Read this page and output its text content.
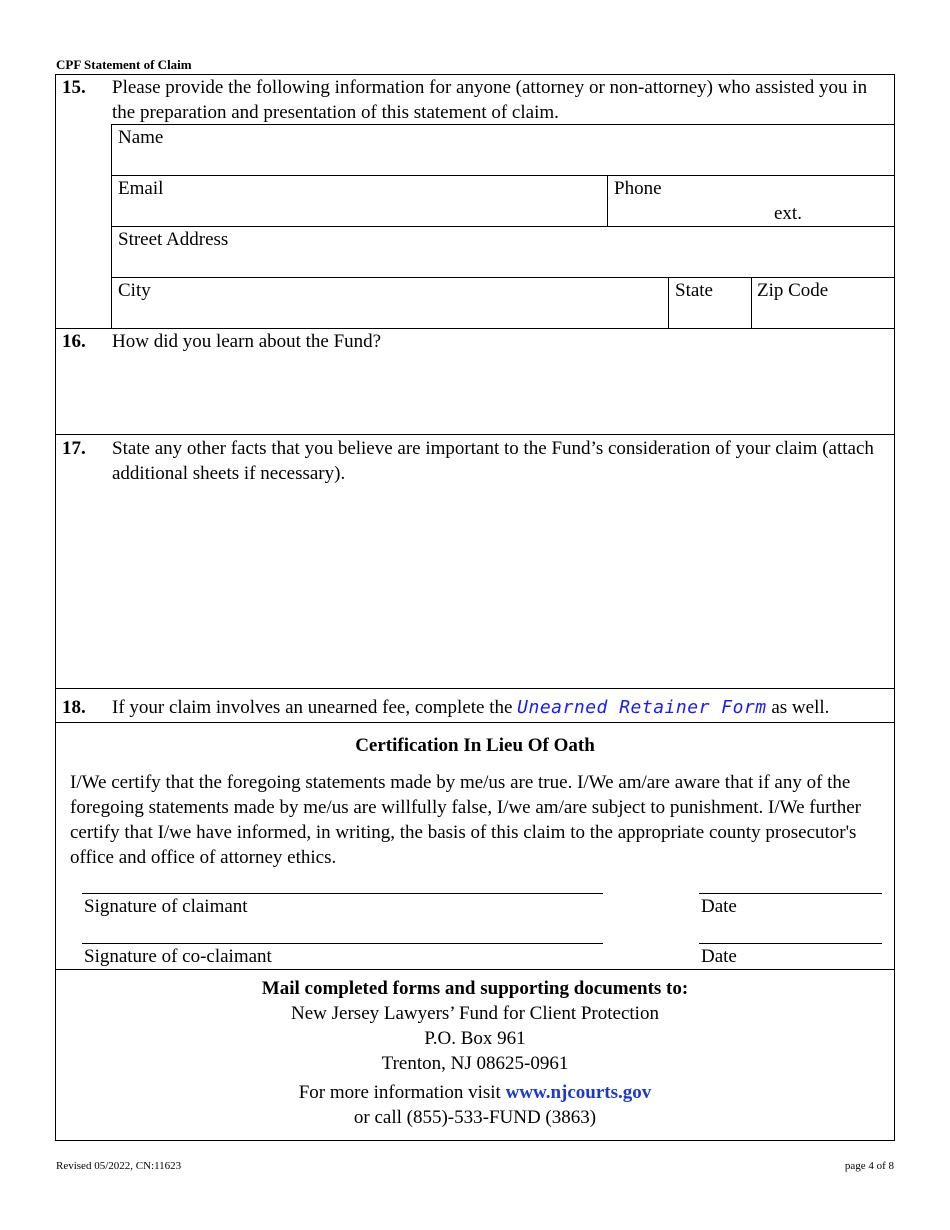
CPF Statement of Claim
15. Please provide the following information for anyone (attorney or non-attorney) who assisted you in the preparation and presentation of this statement of claim.
Name
Email	Phone
ext.
Street Address
City	State Zip Code
16. How did you learn about the Fund?
17. State any other facts that you believe are important to the Fund’s consideration of your claim (attach additional sheets if necessary).
18. If your claim involves an unearned fee, complete the Unearned Retainer Form as well.
Certification In Lieu Of Oath
I/We certify that the foregoing statements made by me/us are true. I/We am/are aware that if any of the foregoing statements made by me/us are willfully false, I/we am/are subject to punishment. I/We further certify that I/we have informed, in writing, the basis of this claim to the appropriate county prosecutor's office and office of attorney ethics.
Signature of claimant	Date
Signature of co-claimant	Date
Mail completed forms and supporting documents to:
New Jersey Lawyers’ Fund for Client Protection
P.O. Box 961
Trenton, NJ 08625-0961
For more information visit www.njcourts.gov
or call (855)-533-FUND (3863)
Revised 05/2022, CN:11623	page 4 of 8
